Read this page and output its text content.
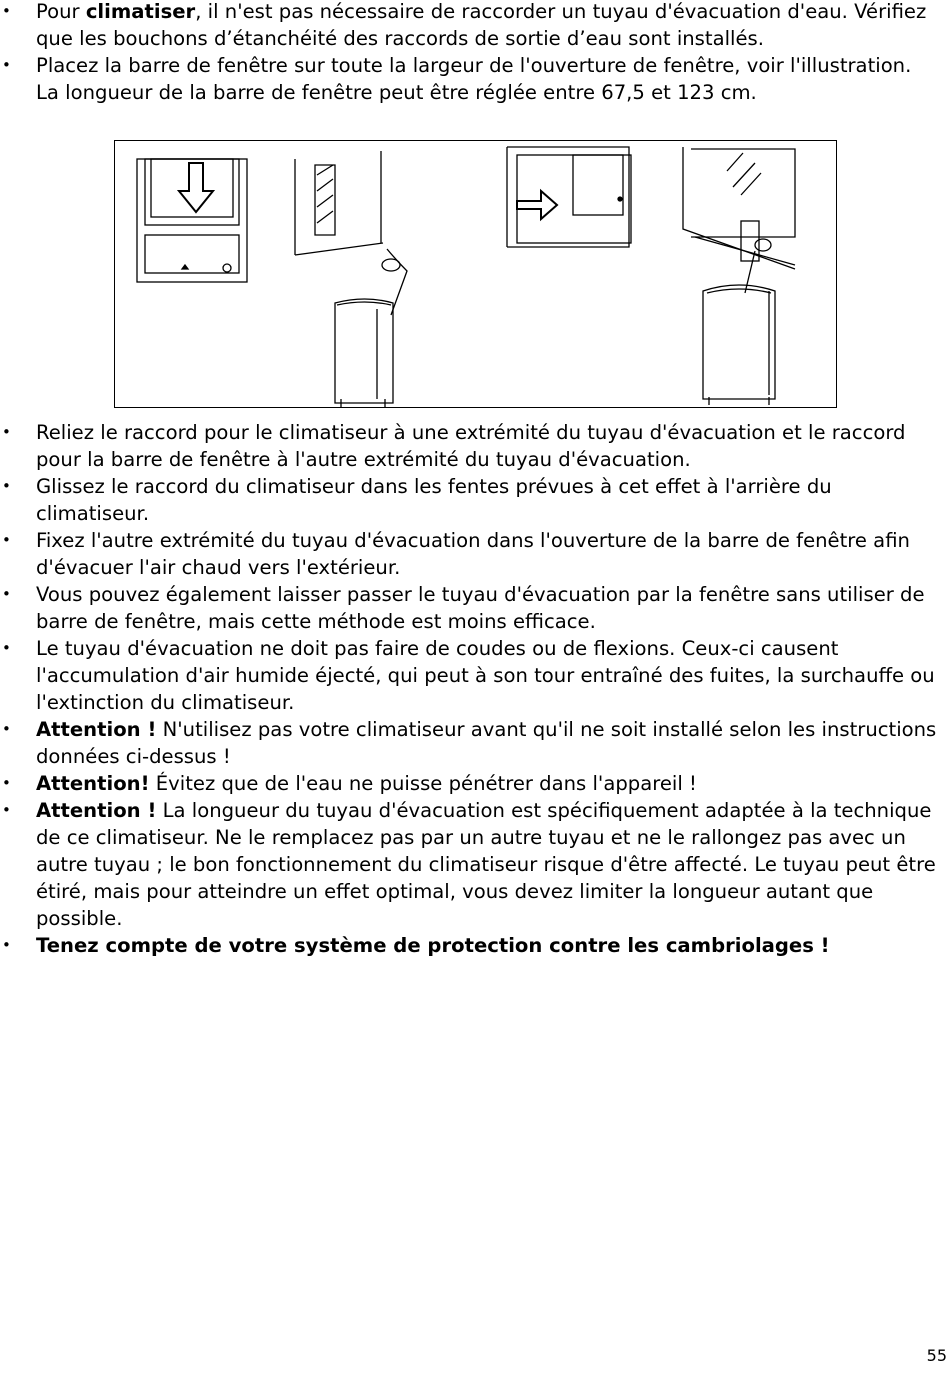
• Pour climatiser, il n'est pas nécessaire de raccorder un tuyau d'évacuation d'eau. Vérifiez que les bouchons d’étanchéité des raccords de sortie d’eau sont installés.
• Placez la barre de fenêtre sur toute la largeur de l'ouverture de fenêtre, voir l'illustration. La longueur de la barre de fenêtre peut être réglée entre 67,5 et 123 cm.
• Reliez le raccord pour le climatiseur à une extrémité du tuyau d'évacuation et le raccord pour la barre de fenêtre à l'autre extrémité du tuyau d'évacuation.
• Glissez le raccord du climatiseur dans les fentes prévues à cet effet à l'arrière du climatiseur.
• Fixez l'autre extrémité du tuyau d'évacuation dans l'ouverture de la barre de fenêtre afin d'évacuer l'air chaud vers l'extérieur.
• Vous pouvez également laisser passer le tuyau d'évacuation par la fenêtre sans utiliser de barre de fenêtre, mais cette méthode est moins efficace.
• Le tuyau d'évacuation ne doit pas faire de coudes ou de flexions. Ceux-ci causent l'accumulation d'air humide éjecté, qui peut à son tour entraîné des fuites, la surchauffe ou l'extinction du climatiseur.
• Attention ! N'utilisez pas votre climatiseur avant qu'il ne soit installé selon les instructions données ci-dessus !
• Attention! Évitez que de l'eau ne puisse pénétrer dans l'appareil !
• Attention ! La longueur du tuyau d'évacuation est spécifiquement adaptée à la technique de ce climatiseur. Ne le remplacez pas par un autre tuyau et ne le rallongez pas avec un autre tuyau ; le bon fonctionnement du climatiseur risque d'être affecté. Le tuyau peut être étiré, mais pour atteindre un effet optimal, vous devez limiter la longueur autant que possible.
• Tenez compte de votre système de protection contre les cambriolages !
55
